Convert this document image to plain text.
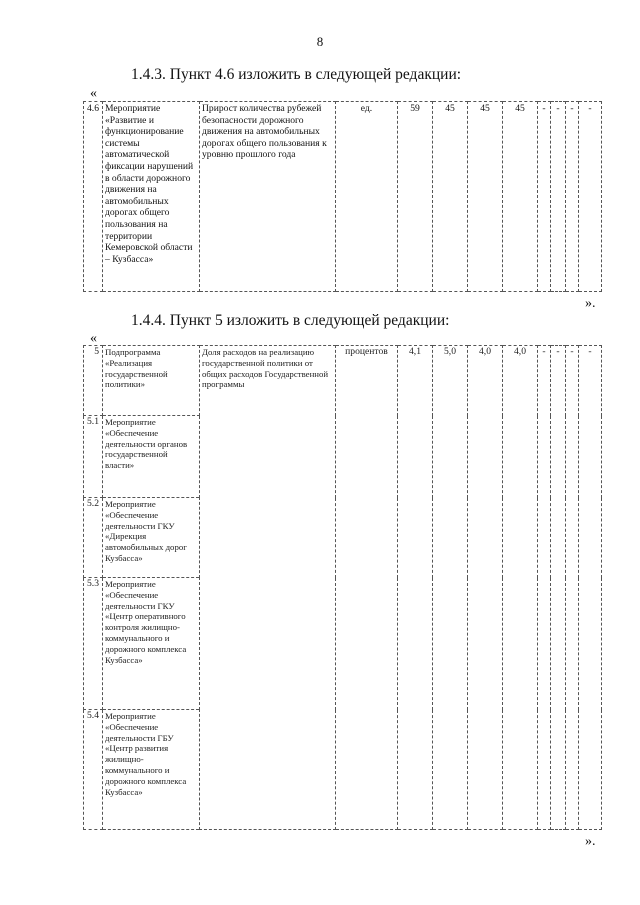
8
1.4.3. Пункт 4.6 изложить в следующей редакции:
«
4.6	Мероприятие «Развитие и функционирование системы автоматической фиксации нарушений в области дорожного движения на автомобильных дорогах общего пользования на территории Кемеровской области – Кузбасса»	Прирост количества рубежей безопасности дорожного движения на автомобильных дорогах общего пользования к уровню прошлого года	ед.	59	45	45	45	-	-	-	-
».
1.4.4. Пункт 5 изложить в следующей редакции:
«
5	Подпрограмма «Реализация государственной политики»	Доля расходов на реализацию государственной политики от общих расходов Государственной программы	процентов	4,1	5,0	4,0	4,0	-	-	-	-
5.1	Мероприятие «Обеспечение деятельности органов государственной власти»										
5.2	Мероприятие «Обеспечение деятельности ГКУ «Дирекция автомобильных дорог Кузбасса»										
5.3	Мероприятие «Обеспечение деятельности ГКУ «Центр оперативного контроля жилищно-коммунального и дорожного комплекса Кузбасса»										
5.4	Мероприятие «Обеспечение деятельности ГБУ «Центр развития жилищно-коммунального и дорожного комплекса Кузбасса»										
».
